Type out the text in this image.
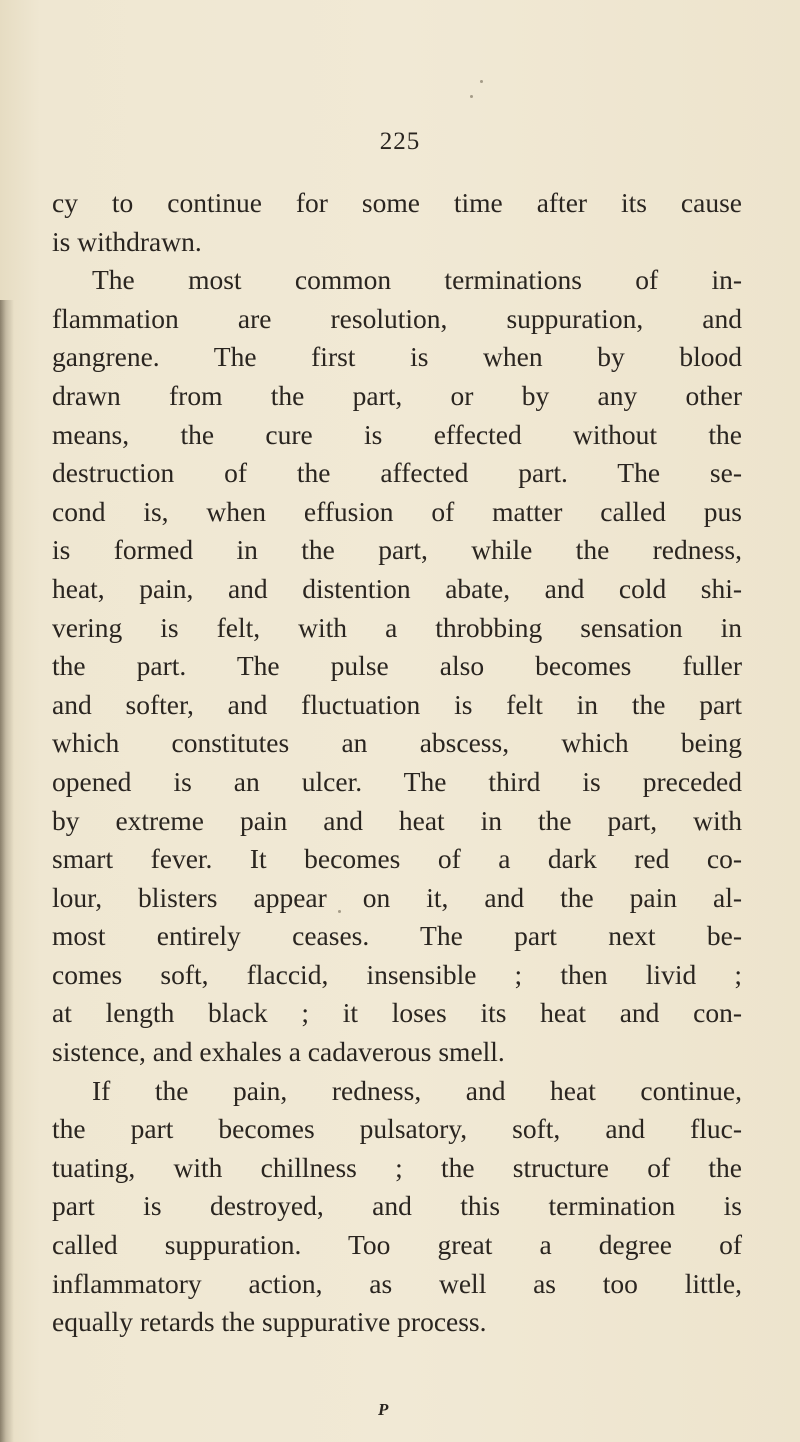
225
cy to continue for some time after its cause
is withdrawn.
The most common terminations of in-
flammation are resolution, suppuration, and
gangrene. The first is when by blood
drawn from the part, or by any other
means, the cure is effected without the
destruction of the affected part. The se-
cond is, when effusion of matter called pus
is formed in the part, while the redness,
heat, pain, and distention abate, and cold shi-
vering is felt, with a throbbing sensation in
the part. The pulse also becomes fuller
and softer, and fluctuation is felt in the part
which constitutes an abscess, which being
opened is an ulcer. The third is preceded
by extreme pain and heat in the part, with
smart fever. It becomes of a dark red co-
lour, blisters appear on it, and the pain al-
most entirely ceases. The part next be-
comes soft, flaccid, insensible ; then livid ;
at length black ; it loses its heat and con-
sistence, and exhales a cadaverous smell.
If the pain, redness, and heat continue,
the part becomes pulsatory, soft, and fluc-
tuating, with chillness ; the structure of the
part is destroyed, and this termination is
called suppuration. Too great a degree of
inflammatory action, as well as too little,
equally retards the suppurative process.
P
